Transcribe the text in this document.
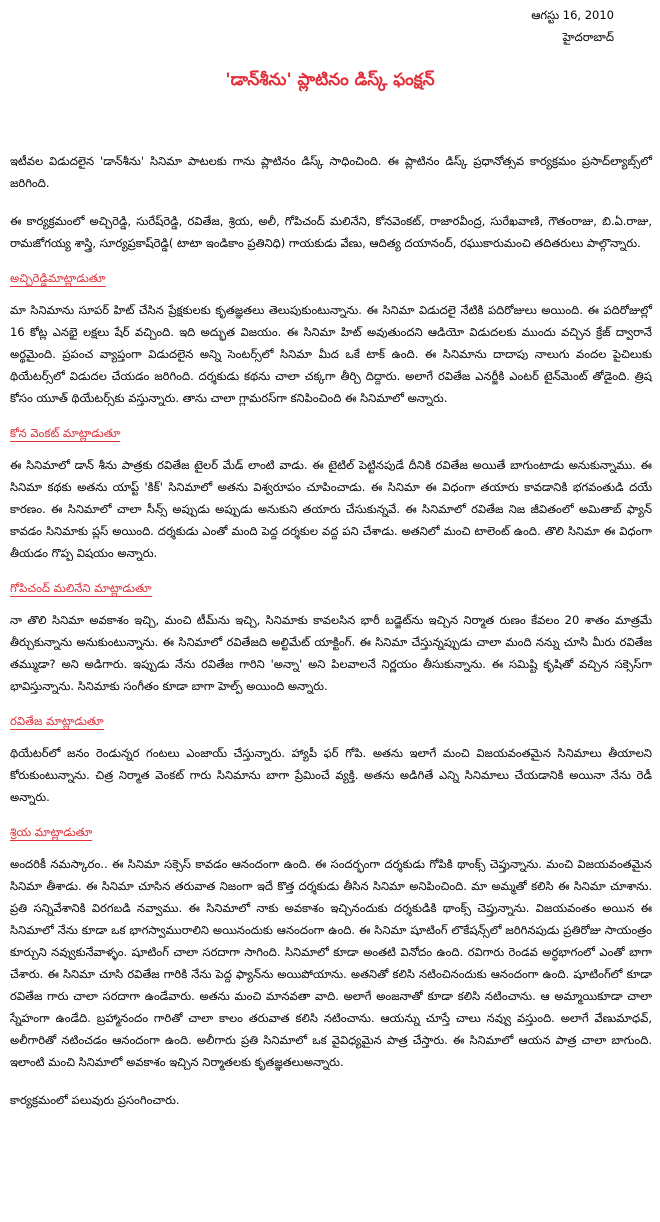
ఆగస్టు 16, 2010
హైదరాబాద్
'డాన్‌శీను' ప్లాటినం డిస్క్ ఫంక్షన్

ఇటీవల విడుదలైన 'డాన్‌శీను' సినిమా పాటలకు గాను ప్లాటినం డిస్క్ సాధించింది. ఈ ప్లాటినం డిస్క్ ప్రధానోత్సవ కార్యక్రమం ప్రసాద్‌ల్యాబ్స్‌లో జరిగింది.

ఈ కార్యక్రమంలో అచ్చిరెడ్డి, సురేష్‌రెడ్డి, రవితేజ, శ్రియ, అలీ, గోపిచంద్ మలినేని, కోనవెంకట్, రాజారవీంద్ర, సురేఖవాణి, గౌతంరాజు, బి.ఏ.రాజు, రామజోగయ్య శాస్త్రి, సూర్యప్రకాష్‌రెడ్డి( టాటా ఇండికాం ప్రతినిధి) గాయకుడు వేణు, ఆదిత్య దయానంద్, రఘుకారుమంచి తదితరులు పాల్గొన్నారు.

అచ్చిరెడ్డిమాట్లాడుతూ

మా సినిమాను సూపర్ హిట్ చేసిన ప్రేక్షకులకు కృతజ్ఞతలు తెలుపుకుంటున్నాను. ఈ సినిమా విడుదలై నేటికి పదిరోజులు అయింది. ఈ పదిరోజుల్లో 16 కోట్ల ఎనభై లక్షలు షేర్ వచ్చింది. ఇది అద్భుత విజయం. ఈ సినిమా హిట్ అవుతుందని ఆడియో విడుదలకు ముందు వచ్చిన క్రేజ్ ద్వారానే అర్థమైంది. ప్రపంచ వ్యాప్తంగా విడుదలైన అన్ని సెంటర్స్‌లో సినిమా మీద ఒకే టాక్ ఉంది. ఈ సినిమాను దాదాపు నాలుగు వందల పైచిలుకు థియేటర్స్‌లో విడుదల చేయడం జరిగింది. దర్శకుడు కథను చాలా చక్కగా తీర్చి దిద్దారు. అలాగే రవితేజ ఎనర్జీకి ఎంటర్ టైన్‌మెంట్ తోడైంది. త్రిష కోసం యూత్ థియేటర్స్‌కు వస్తున్నారు. తాను చాలా గ్లామరస్‌గా కనిపించింది ఈ సినిమాలో అన్నారు.

కోన వెంకట్ మాట్లాడుతూ

ఈ సినిమాలో డాన్ శీను పాత్రకు రవితేజ టైలర్ మేడ్ లాంటి వాడు. ఈ టైటిల్ పెట్టినపుడే దీనికి రవితేజ అయితే బాగుంటాడు అనుకున్నాము. ఈ సినిమా కథకు అతను యాప్ట్ 'కిక్' సినిమాలో అతను విశ్వరూపం చూపించాడు. ఈ సినిమా ఈ విధంగా తయారు కావడానికి భగవంతుడి దయే కారణం. ఈ సినిమాలో చాలా సీన్స్ అప్పుడు అప్పుడు అనుకుని తయారు చేసుకున్నవే. ఈ సినిమాలో రవితేజ నిజ జీవితంలో అమితాబ్ ఫ్యాన్ కావడం సినిమాకు ప్లస్ అయింది. దర్శకుడు ఎంతో మంది పెద్ద దర్శకుల వద్ద పని చేశాడు. అతనిలో మంచి టాలెంట్ ఉంది. తొలి సినిమా ఈ విధంగా తీయడం గొప్ప విషయం అన్నారు.

గోపిచంద్ మలినేని మాట్లాడుతూ

నా తొలి సినిమా అవకాశం ఇచ్చి, మంచి టీమ్‌ను ఇచ్చి, సినిమాకు కావలసిన భారీ బడ్జెట్‌ను ఇచ్చిన నిర్మాత రుణం కేవలం 20 శాతం మాత్రమే తీర్చుకున్నాను అనుకుంటున్నాను. ఈ సినిమాలో రవితేజది అల్టిమేట్ యాక్టింగ్. ఈ సినిమా చేస్తున్నప్పుడు చాలా మంది నన్ను చూసి మీరు రవితేజ తమ్ముడా? అని అడిగారు. ఇప్పుడు నేను రవితేజ గారిని 'అన్నా' అని పిలవాలనే నిర్ణయం తీసుకున్నాను. ఈ సమిష్టి కృషితో వచ్చిన సక్సెస్‌గా భావిస్తున్నాను. సినిమాకు సంగీతం కూడా బాగా హెల్ప్ అయింది అన్నారు.

రవితేజ మాట్లాడుతూ

థియేటర్‌లో జనం రెండున్నర గంటలు ఎంజాయ్ చేస్తున్నారు. హ్యాపీ ఫర్ గోపి. అతను ఇలాగే మంచి విజయవంతమైన సినిమాలు తీయాలని కోరుకుంటున్నాను. చిత్ర నిర్మాత వెంకట్ గారు సినిమాను బాగా ప్రేమించే వ్యక్తి. అతను అడిగితే ఎన్ని సినిమాలు చేయడానికి అయినా నేను రెడీ అన్నారు.

శ్రియ మాట్లాడుతూ

అందరికీ నమస్కారం.. ఈ సినిమా సక్సెస్ కావడం ఆనందంగా ఉంది. ఈ సందర్భంగా దర్శకుడు గోపికి థాంక్స్ చెప్తున్నాను. మంచి విజయవంతమైన సినిమా తీశాడు. ఈ సినిమా చూసిన తరువాత నిజంగా ఇదే కొత్త దర్శకుడు తీసిన సినిమా అనిపించింది. మా అమ్మతో కలిసి ఈ సినిమా చూశాను. ప్రతి సన్నివేశానికి విరగబడి నవ్వాము. ఈ సినిమాలో నాకు అవకాశం ఇచ్చినందుకు దర్శకుడికి థాంక్స్ చెప్తున్నాను. విజయవంతం అయిన ఈ సినిమాలో నేను కూడా ఒక భాగస్వామురాలిని అయినందుకు ఆనందంగా ఉంది. ఈ సినిమా షూటింగ్ లొకేషన్స్‌లో జరిగినపుడు ప్రతిరోజు సాయంత్రం కూర్చుని నవ్వుకునేవాళ్ళం. షూటింగ్ చాలా సరదాగా సాగింది. సినిమాలో కూడా అంతటి వినోదం ఉంది. రవిగారు రెండవ అర్ధభాగంలో ఎంతో బాగా చేశారు. ఈ సినిమా చూసి రవితేజ గారికి నేను పెద్ద ఫ్యాన్‌ను అయిపోయాను. అతనితో కలిసి నటించినందుకు ఆనందంగా ఉంది. షూటింగ్‌లో కూడా రవితేజ గారు చాలా సరదాగా ఉండేవారు. అతను మంచి మానవతా వాది. అలాగే అంజనాతో కూడా కలిసి నటించాను. ఆ అమ్మాయికూడా చాలా స్నేహంగా ఉండేది. బ్రహ్మానందం గారితో చాలా కాలం తరువాత కలిసి నటించాను. ఆయన్ను చూస్తే చాలు నవ్వు వస్తుంది. అలాగే వేణుమాధవ్, అలీగారితో నటించడం ఆనందంగా ఉంది. అలీగారు ప్రతి సినిమాలో ఒక వైవిధ్యమైన పాత్ర చేస్తారు. ఈ సినిమాలో ఆయన పాత్ర చాలా బాగుంది. ఇలాంటి మంచి సినిమాలో అవకాశం ఇచ్చిన నిర్మాతలకు కృతజ్ఞతలుఅన్నారు.

కార్యక్రమంలో పలువురు ప్రసంగించారు.
